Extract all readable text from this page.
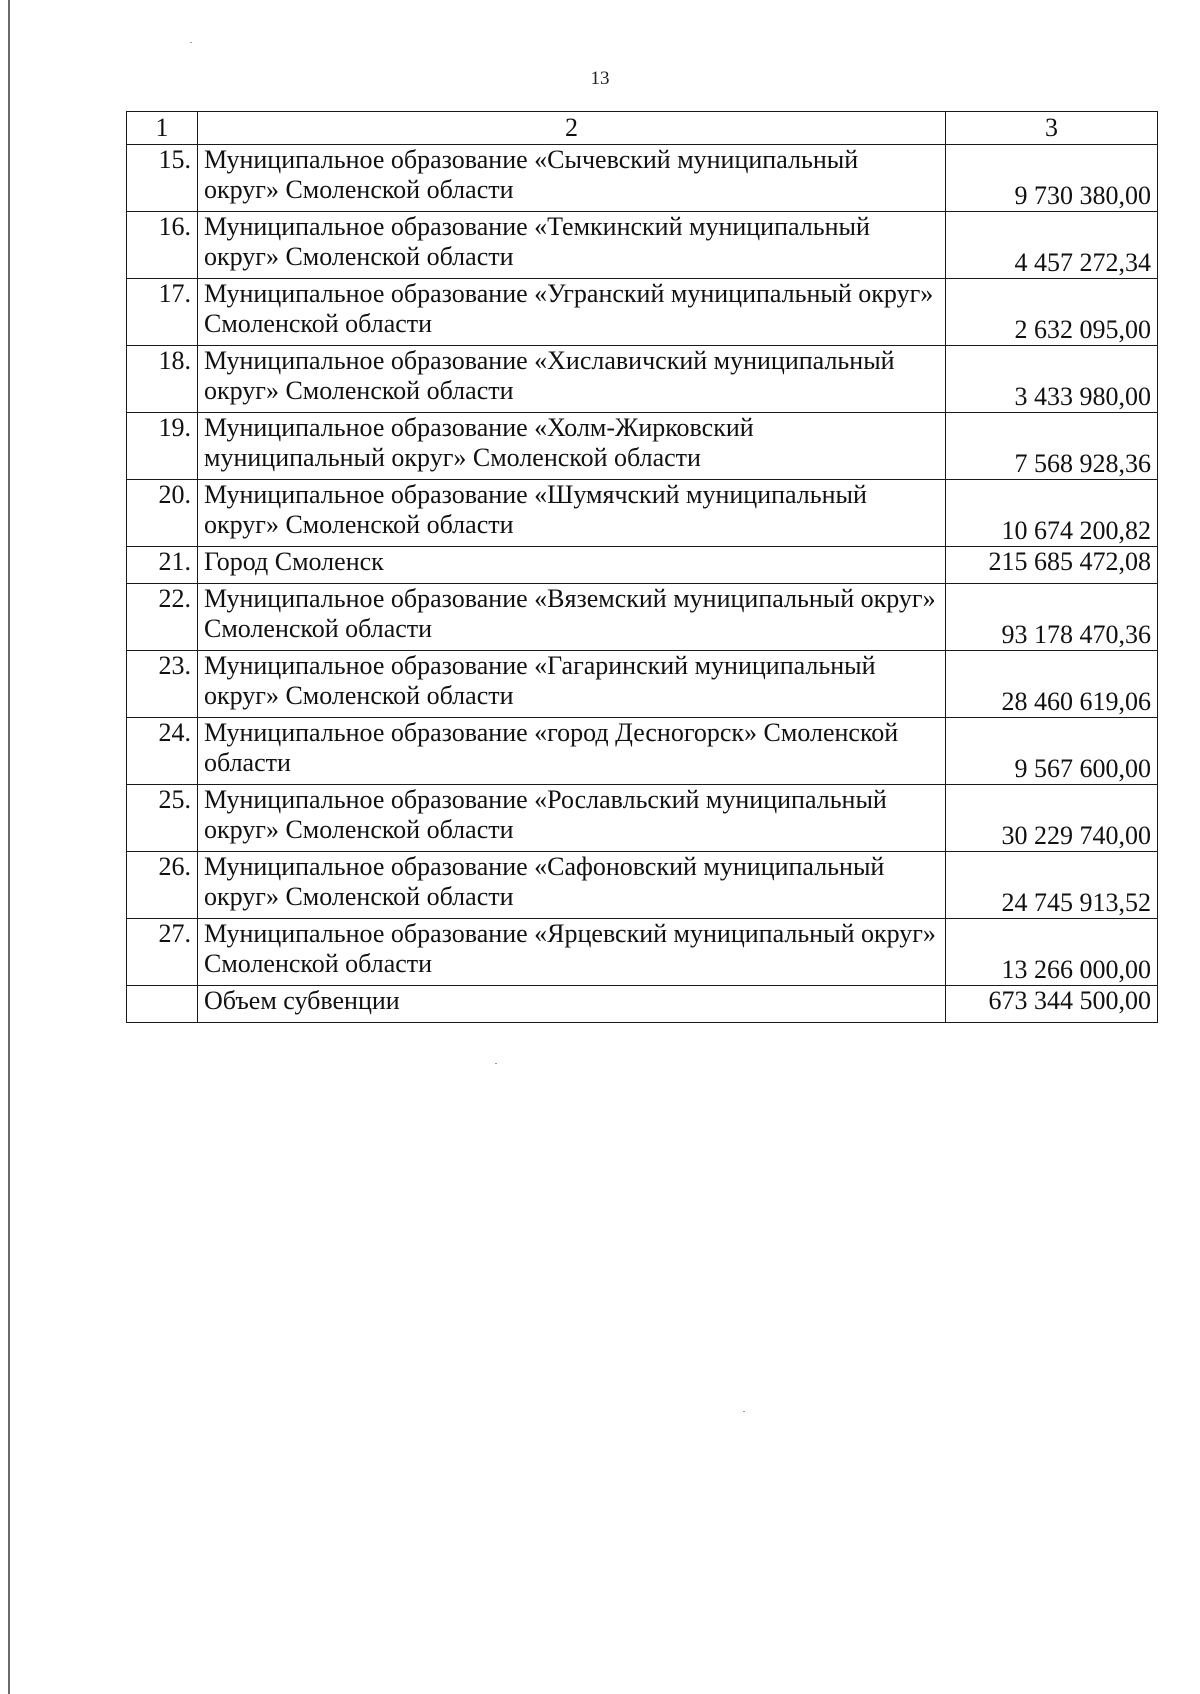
13
1	2	3
15.	Муниципальное образование «Сычевский муниципальный округ» Смоленской области	9 730 380,00
16.	Муниципальное образование «Темкинский муниципальный округ» Смоленской области	4 457 272,34
17.	Муниципальное образование «Угранский муниципальный округ» Смоленской области	2 632 095,00
18.	Муниципальное образование «Хиславичский муниципальный округ» Смоленской области	3 433 980,00
19.	Муниципальное образование «Холм-Жирковский муниципальный округ» Смоленской области	7 568 928,36
20.	Муниципальное образование «Шумячский муниципальный округ» Смоленской области	10 674 200,82
21.	Город Смоленск	215 685 472,08
22.	Муниципальное образование «Вяземский муниципальный округ» Смоленской области	93 178 470,36
23.	Муниципальное образование «Гагаринский муниципальный округ» Смоленской области	28 460 619,06
24.	Муниципальное образование «город Десногорск» Смоленской области	9 567 600,00
25.	Муниципальное образование «Рославльский муниципальный округ» Смоленской области	30 229 740,00
26.	Муниципальное образование «Сафоновский муниципальный округ» Смоленской области	24 745 913,52
27.	Муниципальное образование «Ярцевский муниципальный округ» Смоленской области	13 266 000,00
	Объем субвенции	673 344 500,00
